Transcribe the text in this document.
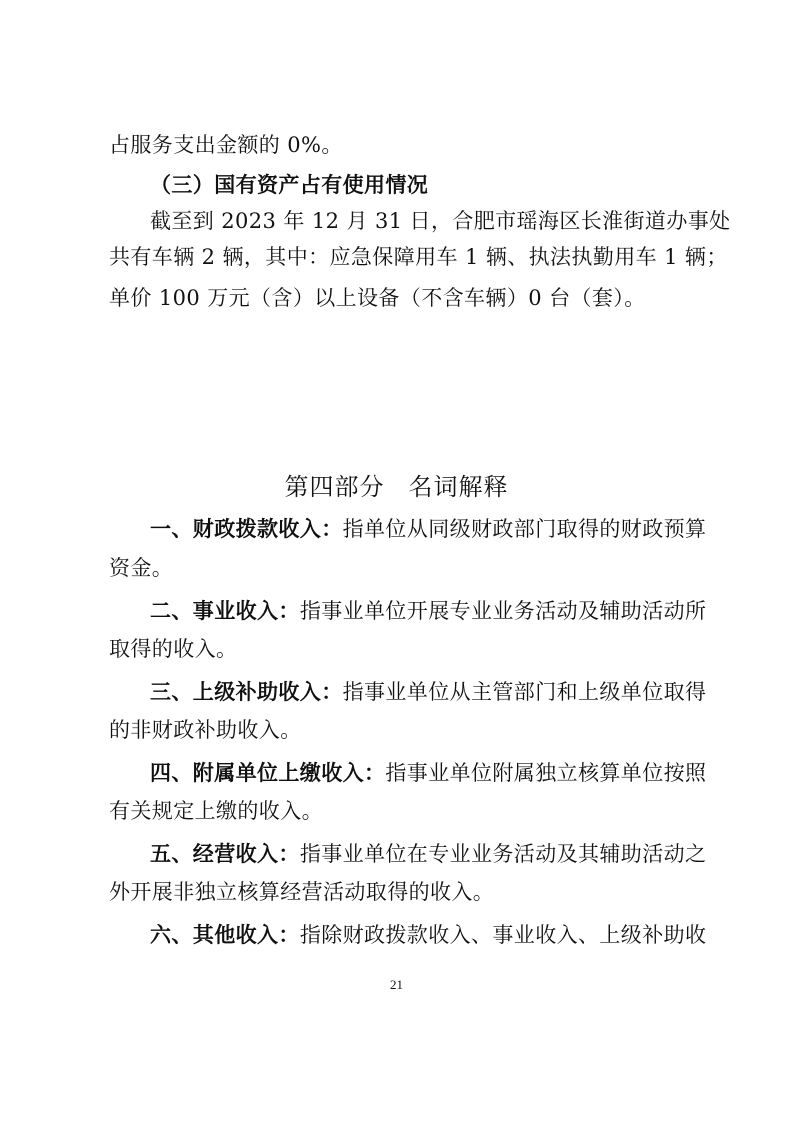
占服务支出金额的 0%。
（三）国有资产占有使用情况
截至到 2023 年 12 月 31 日，合肥市瑶海区长淮街道办事处
共有车辆 2 辆，其中：应急保障用车 1 辆、执法执勤用车 1 辆；
单价 100 万元（含）以上设备（不含车辆）0 台（套）。
第四部分 名词解释
一、财政拨款收入：指单位从同级财政部门取得的财政预算
资金。
二、事业收入：指事业单位开展专业业务活动及辅助活动所
取得的收入。
三、上级补助收入：指事业单位从主管部门和上级单位取得
的非财政补助收入。
四、附属单位上缴收入：指事业单位附属独立核算单位按照
有关规定上缴的收入。
五、经营收入：指事业单位在专业业务活动及其辅助活动之
外开展非独立核算经营活动取得的收入。
六、其他收入：指除财政拨款收入、事业收入、上级补助收
21
